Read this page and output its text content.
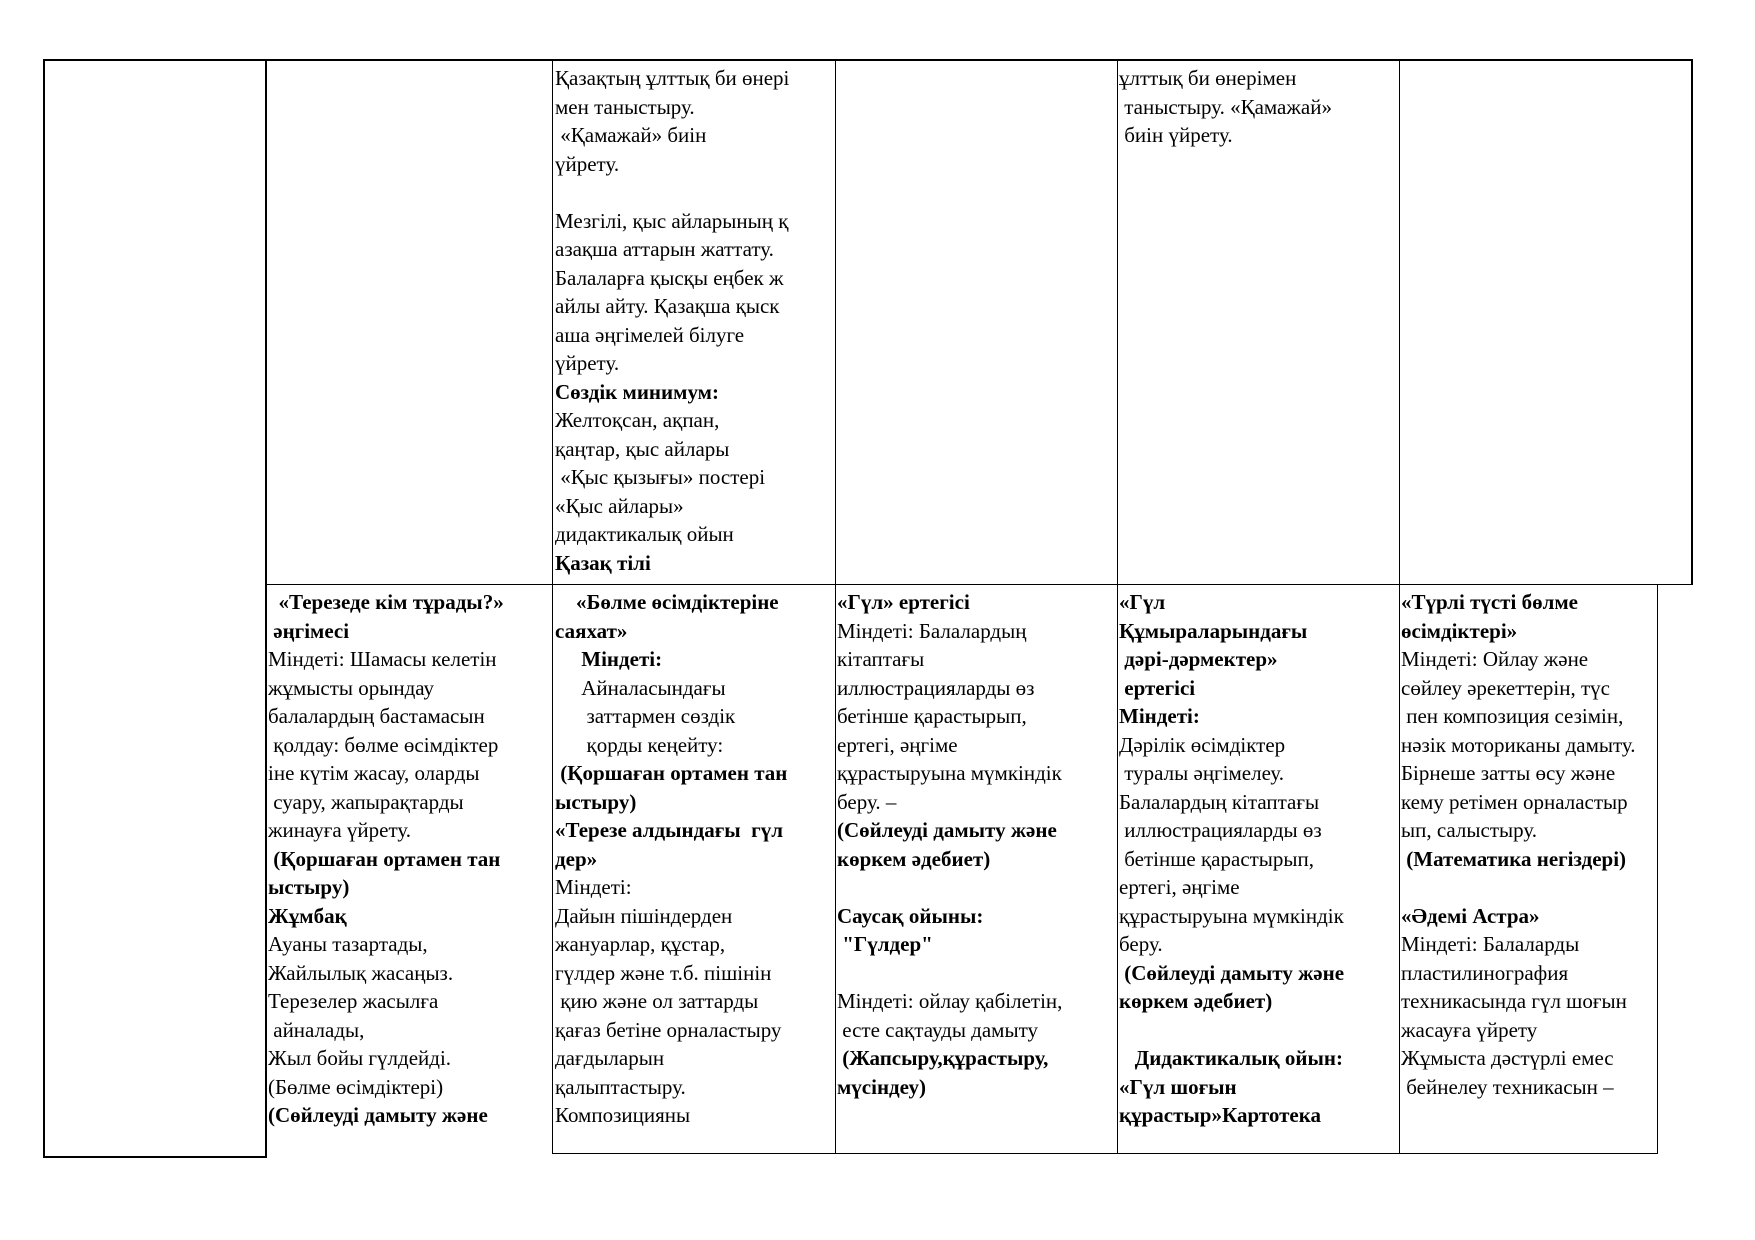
Қазақтың ұлттық би өнері
мен таныстыру.
«Қамажай» биін
үйрету.
Мезгілі, қыс айларының қ
азақша аттарын жаттату.
Балаларға қысқы еңбек ж
айлы айту. Қазақша қыск
аша әңгімелей білуге
үйрету.
Сөздік минимум:
Желтоқсан, ақпан,
қаңтар, қыс айлары
«Қыс қызығы» постері
«Қыс айлары»
дидактикалық ойын
Қазақ тілі
ұлттық би өнерімен
таныстыру. «Қамажай»
биін үйрету.
«Терезеде кім тұрады?»
әңгімесі
Міндеті: Шамасы келетін
жұмысты орындау
балалардың бастамасын
қолдау: бөлме өсімдіктер
іне күтім жасау, оларды
суару, жапырақтарды
жинауға үйрету.
(Қоршаған ортамен тан
ыстыру)
Жұмбақ
Ауаны тазартады,
Жайлылық жасаңыз.
Терезелер жасылға
айналады,
Жыл бойы гүлдейді.
(Бөлме өсімдіктері)
(Сөйлеуді дамыту және
«Бөлме өсімдіктеріне
саяхат»
Міндеті:
Айналасындағы
заттармен сөздік
қорды кеңейту:
(Қоршаған ортамен тан
ыстыру)
«Терезе алдындағы  гүл
дер»
Міндеті:
Дайын пішіндерден
жануарлар, құстар,
гүлдер және т.б. пішінін
қию және ол заттарды
қағаз бетіне орналастыру
дағдыларын
қалыптастыру.
Композицияны
«Гүл» ертегісі
Міндеті: Балалардың
кітаптағы
иллюстрацияларды өз
бетінше қарастырып,
ертегі, әңгіме
құрастыруына мүмкіндік
беру. –
(Сөйлеуді дамыту және
көркем әдебиет)
Саусақ ойыны:
"Гүлдер"
Міндеті: ойлау қабілетін,
есте сақтауды дамыту
(Жапсыру,құрастыру,
мүсіндеу)
«Гүл
Құмыраларындағы
дәрі-дәрмектер»
ертегісі
Міндеті:
Дәрілік өсімдіктер
туралы әңгімелеу.
Балалардың кітаптағы
иллюстрацияларды өз
бетінше қарастырып,
ертегі, әңгіме
құрастыруына мүмкіндік
беру.
(Сөйлеуді дамыту және
көркем әдебиет)
Дидактикалық ойын:
«Гүл шоғын
құрастыр»Картотека
«Түрлі түсті бөлме
өсімдіктері»
Міндеті: Ойлау және
сөйлеу әрекеттерін, түс
пен композиция сезімін,
нәзік моториканы дамыту.
Бірнеше затты өсу және
кему ретімен орналастыр
ып, салыстыру.
(Математика негіздері)
«Әдемі Астра»
Міндеті: Балаларды
пластилинография
техникасында гүл шоғын
жасауға үйрету
Жұмыста дәстүрлі емес
бейнелеу техникасын –
